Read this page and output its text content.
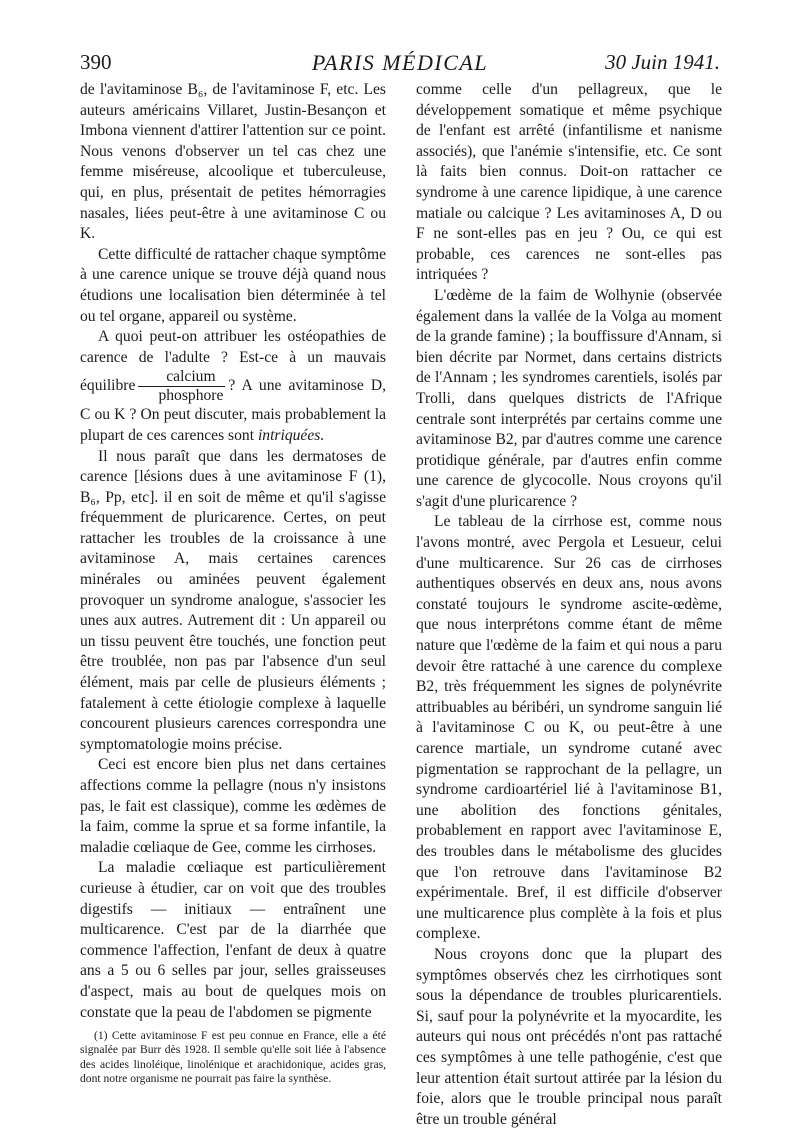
PARIS MÉDICAL
390	30 Juin 1941.

de l'avitaminose B₆, de l'avitaminose F, etc. Les auteurs américains Villaret, Justin-Besançon et Imbona viennent d'attirer l'attention sur ce point. Nous venons d'observer un tel cas chez une femme miséreuse, alcoolique et tuberculeuse, qui, en plus, présentait de petites hémorragies nasales, liées peut-être à une avitaminose C ou K.

Cette difficulté de rattacher chaque symptôme à une carence unique se trouve déjà quand nous étudions une localisation bien déterminée à tel ou tel organe, appareil ou système.

A quoi peut-on attribuer les ostéopathies de carence de l'adulte ? Est-ce à un mauvais équilibre $\frac{\text{calcium}}{\text{phosphore}}$ ? A une avitaminose D, C ou K ? On peut discuter, mais probablement la plupart de ces carences sont intriquées.

Il nous paraît que dans les dermatoses de carence [lésions dues à une avitaminose F (1), B₆, Pp, etc]. il en soit de même et qu'il s'agisse fréquemment de pluricarence. Certes, on peut rattacher les troubles de la croissance à une avitaminose A, mais certaines carences minérales ou aminées peuvent également provoquer un syndrome analogue, s'associer les unes aux autres. Autrement dit : Un appareil ou un tissu peuvent être touchés, une fonction peut être troublée, non pas par l'absence d'un seul élément, mais par celle de plusieurs éléments ; fatalement à cette étiologie complexe à laquelle concourent plusieurs carences correspondra une symptomatologie moins précise.

Ceci est encore bien plus net dans certaines affections comme la pellagre (nous n'y insistons pas, le fait est classique), comme les œdèmes de la faim, comme la sprue et sa forme infantile, la maladie cœliaque de Gee, comme les cirrhoses.

La maladie cœliaque est particulièrement curieuse à étudier, car on voit que des troubles digestifs — initiaux — entraînent une multicarence. C'est par de la diarrhée que commence l'affection, l'enfant de deux à quatre ans a 5 ou 6 selles par jour, selles graisseuses d'aspect, mais au bout de quelques mois on constate que la peau de l'abdomen se pigmente

(1) Cette avitaminose F est peu connue en France, elle a été signalée par Burr dès 1928. Il semble qu'elle soit liée à l'absence des acides linoléique, linolénique et arachidonique, acides gras, dont notre organisme ne pourrait pas faire la synthèse.

comme celle d'un pellagreux, que le développement somatique et même psychique de l'enfant est arrêté (infantilisme et nanisme associés), que l'anémie s'intensifie, etc. Ce sont là faits bien connus. Doit-on rattacher ce syndrome à une carence lipidique, à une carence matiale ou calcique ? Les avitaminoses A, D ou F ne sont-elles pas en jeu ? Ou, ce qui est probable, ces carences ne sont-elles pas intriquées ?

L'œdème de la faim de Wolhynie (observée également dans la vallée de la Volga au moment de la grande famine) ; la bouffissure d'Annam, si bien décrite par Normet, dans certains districts de l'Annam ; les syndromes carentiels, isolés par Trolli, dans quelques districts de l'Afrique centrale sont interprétés par certains comme une avitaminose B2, par d'autres comme une carence protidique générale, par d'autres enfin comme une carence de glycocolle. Nous croyons qu'il s'agit d'une pluricarence ?

Le tableau de la cirrhose est, comme nous l'avons montré, avec Pergola et Lesueur, celui d'une multicarence. Sur 26 cas de cirrhoses authentiques observés en deux ans, nous avons constaté toujours le syndrome ascite-œdème, que nous interprétons comme étant de même nature que l'œdème de la faim et qui nous a paru devoir être rattaché à une carence du complexe B2, très fréquemment les signes de polynévrite attribuables au béribéri, un syndrome sanguin lié à l'avitaminose C ou K, ou peut-être à une carence martiale, un syndrome cutané avec pigmentation se rapprochant de la pellagre, un syndrome cardioartériel lié à l'avitaminose B1, une abolition des fonctions génitales, probablement en rapport avec l'avitaminose E, des troubles dans le métabolisme des glucides que l'on retrouve dans l'avitaminose B2 expérimentale. Bref, il est difficile d'observer une multicarence plus complète à la fois et plus complexe.

Nous croyons donc que la plupart des symptômes observés chez les cirrhotiques sont sous la dépendance de troubles pluricarentiels. Si, sauf pour la polynévrite et la myocardite, les auteurs qui nous ont précédés n'ont pas rattaché ces symptômes à une telle pathogénie, c'est que leur attention était surtout attirée par la lésion du foie, alors que le trouble principal nous paraît être un trouble général
